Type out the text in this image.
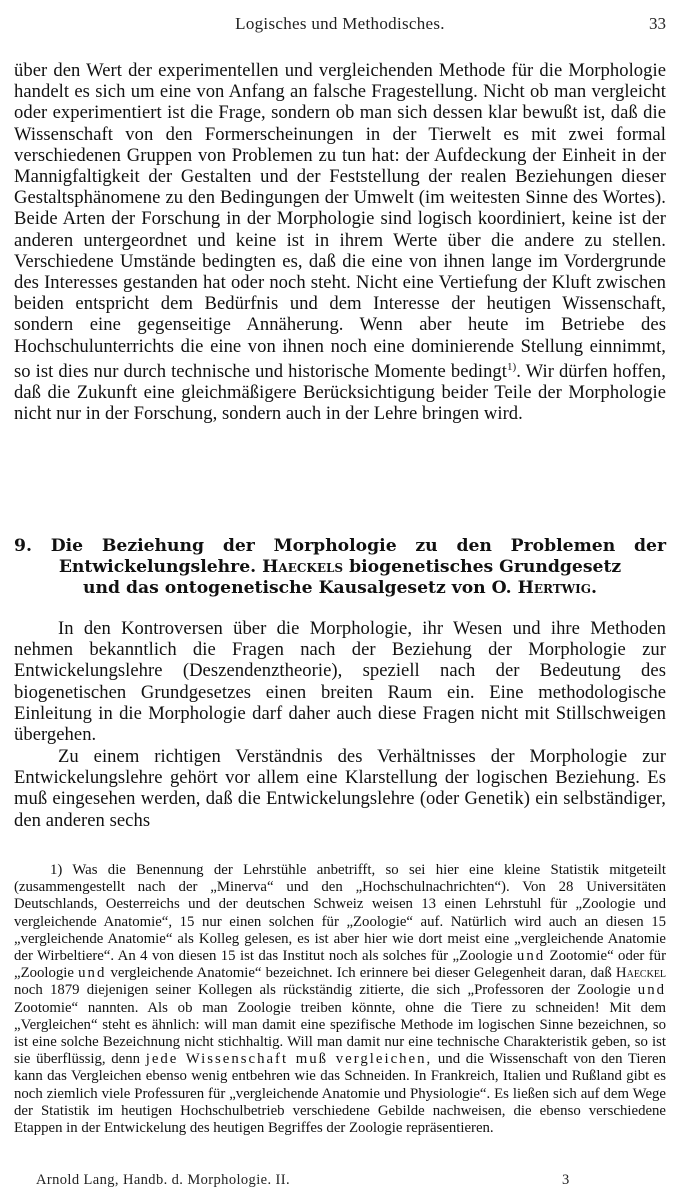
Logisches und Methodisches.	33

über den Wert der experimentellen und vergleichenden Methode für die Morphologie handelt es sich um eine von Anfang an falsche Fragestellung. Nicht ob man vergleicht oder experimentiert ist die Frage, sondern ob man sich dessen klar bewußt ist, daß die Wissenschaft von den Formerscheinungen in der Tierwelt es mit zwei formal verschiedenen Gruppen von Problemen zu tun hat: der Aufdeckung der Einheit in der Mannigfaltigkeit der Gestalten und der Feststellung der realen Beziehungen dieser Gestaltsphänomene zu den Bedingungen der Umwelt (im weitesten Sinne des Wortes). Beide Arten der Forschung in der Morphologie sind logisch koordiniert, keine ist der anderen untergeordnet und keine ist in ihrem Werte über die andere zu stellen. Verschiedene Umstände bedingten es, daß die eine von ihnen lange im Vordergrunde des Interesses gestanden hat oder noch steht. Nicht eine Vertiefung der Kluft zwischen beiden entspricht dem Bedürfnis und dem Interesse der heutigen Wissenschaft, sondern eine gegenseitige Annäherung. Wenn aber heute im Betriebe des Hochschulunterrichts die eine von ihnen noch eine dominierende Stellung einnimmt, so ist dies nur durch technische und historische Momente bedingt$^{1)}$. Wir dürfen hoffen, daß die Zukunft eine gleichmäßigere Berücksichtigung beider Teile der Morphologie nicht nur in der Forschung, sondern auch in der Lehre bringen wird.

9. Die Beziehung der Morphologie zu den Problemen der
Entwickelungslehre. Haeckels biogenetisches Grundgesetz
und das ontogenetische Kausalgesetz von O. Hertwig.

In den Kontroversen über die Morphologie, ihr Wesen und ihre Methoden nehmen bekanntlich die Fragen nach der Beziehung der Morphologie zur Entwickelungslehre (Deszendenztheorie), speziell nach der Bedeutung des biogenetischen Grundgesetzes einen breiten Raum ein. Eine methodologische Einleitung in die Morphologie darf daher auch diese Fragen nicht mit Stillschweigen übergehen.

Zu einem richtigen Verständnis des Verhältnisses der Morphologie zur Entwickelungslehre gehört vor allem eine Klarstellung der logischen Beziehung. Es muß eingesehen werden, daß die Entwickelungslehre (oder Genetik) ein selbständiger, den anderen sechs

1) Was die Benennung der Lehrstühle anbetrifft, so sei hier eine kleine Statistik mitgeteilt (zusammengestellt nach der „Minerva“ und den „Hochschulnachrichten“). Von 28 Universitäten Deutschlands, Oesterreichs und der deutschen Schweiz weisen 13 einen Lehrstuhl für „Zoologie und vergleichende Anatomie“, 15 nur einen solchen für „Zoologie“ auf. Natürlich wird auch an diesen 15 „vergleichende Anatomie“ als Kolleg gelesen, es ist aber hier wie dort meist eine „vergleichende Anatomie der Wirbeltiere“. An 4 von diesen 15 ist das Institut noch als solches für „Zoologie und Zootomie“ oder für „Zoologie und vergleichende Anatomie“ bezeichnet. Ich erinnere bei dieser Gelegenheit daran, daß Haeckel noch 1879 diejenigen seiner Kollegen als rückständig zitierte, die sich „Professoren der Zoologie und Zootomie“ nannten. Als ob man Zoologie treiben könnte, ohne die Tiere zu schneiden! Mit dem „Vergleichen“ steht es ähnlich: will man damit eine spezifische Methode im logischen Sinne bezeichnen, so ist eine solche Bezeichnung nicht stichhaltig. Will man damit nur eine technische Charakteristik geben, so ist sie überflüssig, denn jede Wissenschaft muß vergleichen, und die Wissenschaft von den Tieren kann das Vergleichen ebenso wenig entbehren wie das Schneiden. In Frankreich, Italien und Rußland gibt es noch ziemlich viele Professuren für „vergleichende Anatomie und Physiologie“. Es ließen sich auf dem Wege der Statistik im heutigen Hochschulbetrieb verschiedene Gebilde nachweisen, die ebenso verschiedene Etappen in der Entwickelung des heutigen Begriffes der Zoologie repräsentieren.

Arnold Lang, Handb. d. Morphologie. II.	3
